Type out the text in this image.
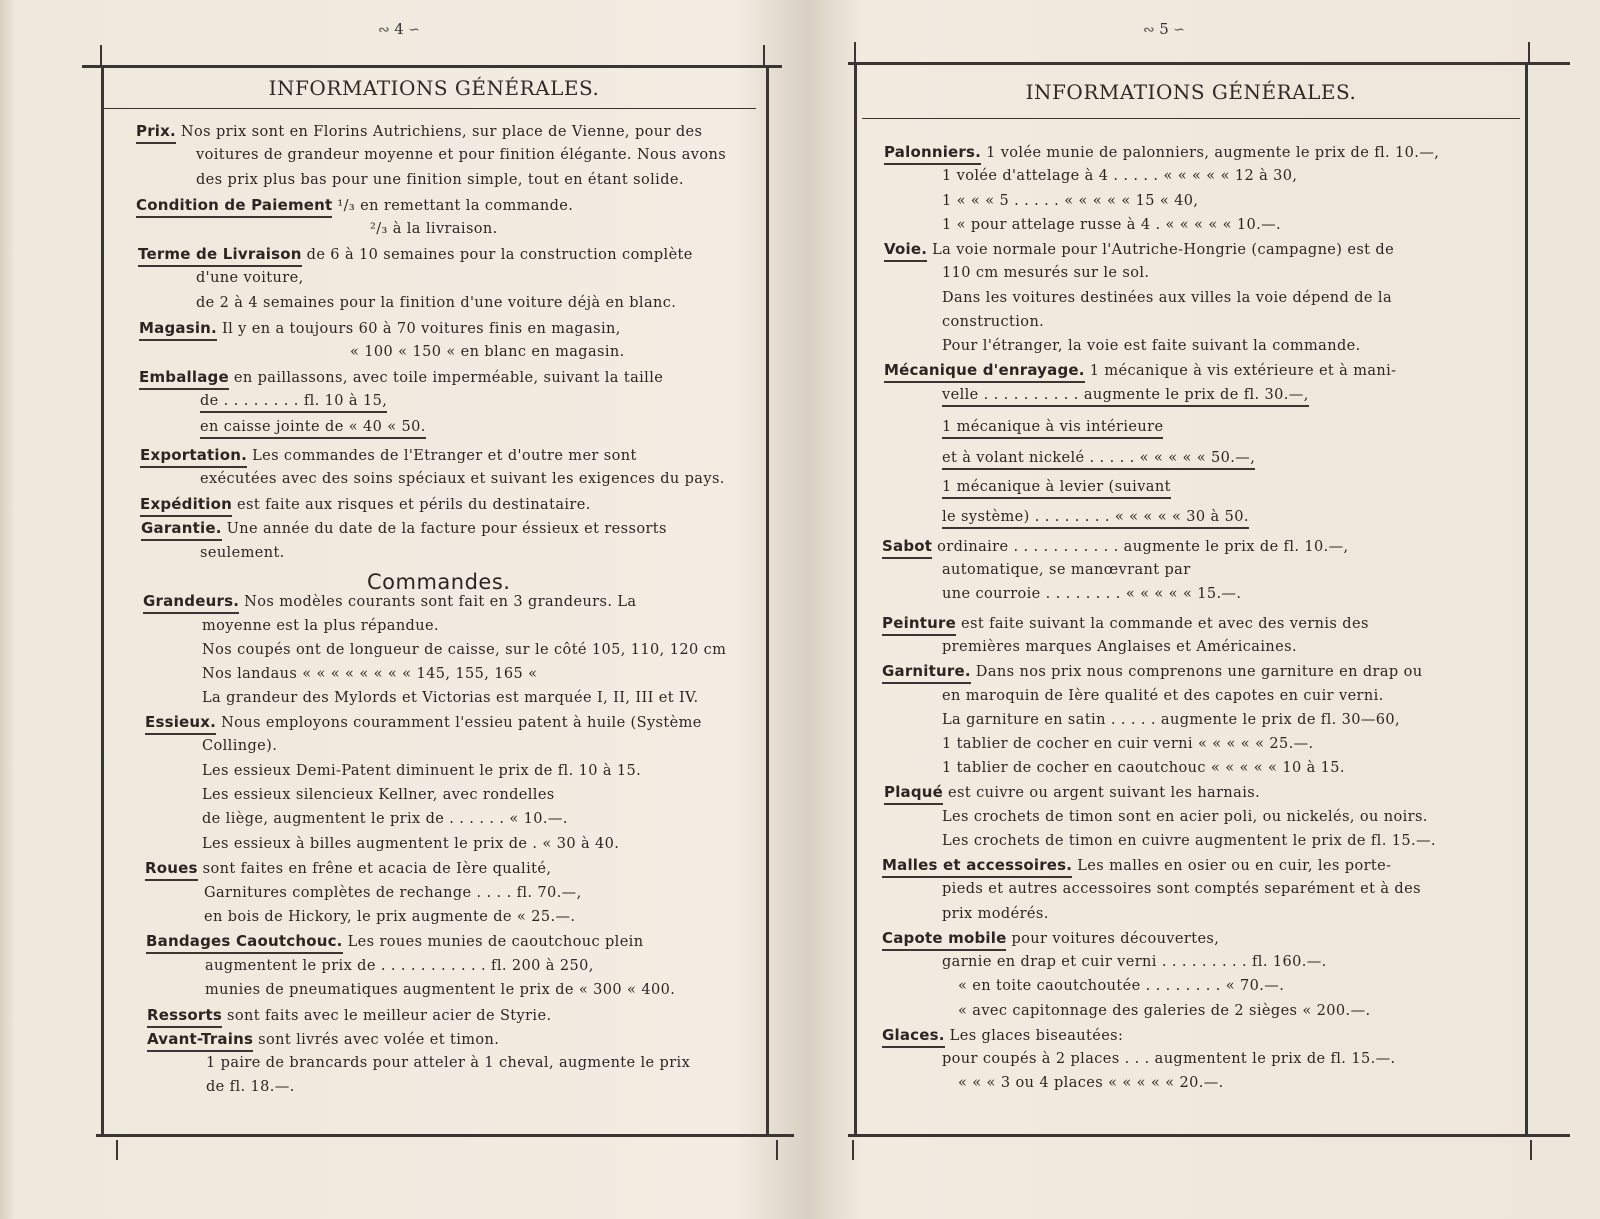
∾ 4 ∽
INFORMATIONS GÉNÉRALES.
Prix. Nos prix sont en Florins Autrichiens, sur place de Vienne, pour des
voitures de grandeur moyenne et pour finition élégante. Nous avons
des prix plus bas pour une finition simple, tout en étant solide.
Condition de Paiement ¹/₃ en remettant la commande.
²/₃ à la livraison.
Terme de Livraison de 6 à 10 semaines pour la construction complète
d'une voiture,
de 2 à 4 semaines pour la finition d'une voiture déjà en blanc.
Magasin. Il y en a toujours 60 à 70 voitures finis en magasin,
« 100 « 150 « en blanc en magasin.
Emballage en paillassons, avec toile imperméable, suivant la taille
de . . . . . . . . fl. 10 à 15,
en caisse jointe de « 40 « 50.
Exportation. Les commandes de l'Etranger et d'outre mer sont
exécutées avec des soins spéciaux et suivant les exigences du pays.
Expédition est faite aux risques et périls du destinataire.
Garantie. Une année du date de la facture pour éssieux et ressorts
seulement.
Grandeurs. Nos modèles courants sont fait en 3 grandeurs. La
moyenne est la plus répandue.
Nos coupés ont de longueur de caisse, sur le côté 105, 110, 120 cm
Nos landaus « « « « « « « « 145, 155, 165 «
La grandeur des Mylords et Victorias est marquée I, II, III et IV.
Essieux. Nous employons couramment l'essieu patent à huile (Système
Collinge).
Les essieux Demi-Patent diminuent le prix de fl. 10 à 15.
Les essieux silencieux Kellner, avec rondelles
de liège, augmentent le prix de . . . . . . « 10.—.
Les essieux à billes augmentent le prix de . « 30 à 40.
Roues sont faites en frêne et acacia de Ière qualité,
Garnitures complètes de rechange . . . . fl. 70.—,
en bois de Hickory, le prix augmente de « 25.—.
Bandages Caoutchouc. Les roues munies de caoutchouc plein
augmentent le prix de . . . . . . . . . . . fl. 200 à 250,
munies de pneumatiques augmentent le prix de « 300 « 400.
Ressorts sont faits avec le meilleur acier de Styrie.
Avant-Trains sont livrés avec volée et timon.
1 paire de brancards pour atteler à 1 cheval, augmente le prix
de fl. 18.—.
Commandes.
∾ 5 ∽
INFORMATIONS GÉNÉRALES.
Palonniers. 1 volée munie de palonniers, augmente le prix de fl. 10.—,
1 volée d'attelage à 4 . . . . . « « « « « 12 à 30,
1 « « « 5 . . . . . « « « « « 15 « 40,
1 « pour attelage russe à 4 . « « « « « 10.—.
Voie. La voie normale pour l'Autriche-Hongrie (campagne) est de
110 cm mesurés sur le sol.
Dans les voitures destinées aux villes la voie dépend de la
construction.
Pour l'étranger, la voie est faite suivant la commande.
Mécanique d'enrayage. 1 mécanique à vis extérieure et à mani-
velle . . . . . . . . . . augmente le prix de fl. 30.—,
1 mécanique à vis intérieure
et à volant nickelé . . . . . « « « « « 50.—,
1 mécanique à levier (suivant
le système) . . . . . . . . « « « « « 30 à 50.
Sabot ordinaire . . . . . . . . . . . augmente le prix de fl. 10.—,
automatique, se manœvrant par
une courroie . . . . . . . . « « « « « 15.—.
Peinture est faite suivant la commande et avec des vernis des
premières marques Anglaises et Américaines.
Garniture. Dans nos prix nous comprenons une garniture en drap ou
en maroquin de Ière qualité et des capotes en cuir verni.
La garniture en satin . . . . . augmente le prix de fl. 30—60,
1 tablier de cocher en cuir verni « « « « « 25.—.
1 tablier de cocher en caoutchouc « « « « « 10 à 15.
Plaqué est cuivre ou argent suivant les harnais.
Les crochets de timon sont en acier poli, ou nickelés, ou noirs.
Les crochets de timon en cuivre augmentent le prix de fl. 15.—.
Malles et accessoires. Les malles en osier ou en cuir, les porte-
pieds et autres accessoires sont comptés separément et à des
prix modérés.
Capote mobile pour voitures découvertes,
garnie en drap et cuir verni . . . . . . . . . fl. 160.—.
« en toite caoutchoutée . . . . . . . . « 70.—.
« avec capitonnage des galeries de 2 sièges « 200.—.
Glaces. Les glaces biseautées:
pour coupés à 2 places . . . augmentent le prix de fl. 15.—.
« « « 3 ou 4 places « « « « « 20.—.
